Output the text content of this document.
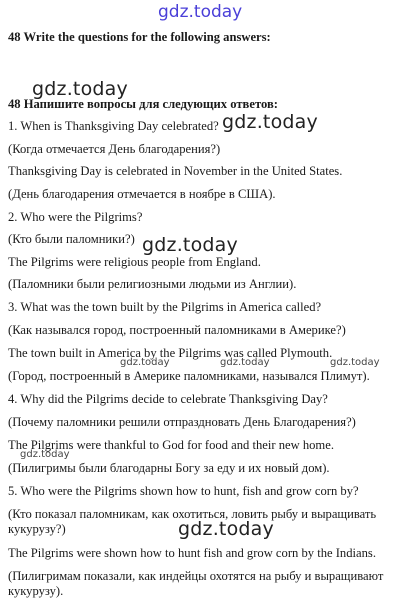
gdz.today
gdz.today
gdz.today
gdz.today
gdz.today	gdz.today	gdz.today
gdz.today
gdz.today
48 Write the questions for the following answers:
48 Напишите вопросы для следующих ответов:
1. When is Thanksgiving Day celebrated?
(Когда отмечается День благодарения?)
Thanksgiving Day is celebrated in November in the United States.
(День благодарения отмечается в ноябре в США).
2. Who were the Pilgrims?
(Кто были паломники?)
The Pilgrims were religious people from England.
(Паломники были религиозными людьми из Англии).
3. What was the town built by the Pilgrims in America called?
(Как назывался город, построенный паломниками в Америке?)
The town built in America by the Pilgrims was called Plymouth.
(Город, построенный в Америке паломниками, назывался Плимут).
4. Why did the Pilgrims decide to celebrate Thanksgiving Day?
(Почему паломники решили отпраздновать День Благодарения?)
The Pilgrims were thankful to God for food and their new home.
(Пилигримы были благодарны Богу за еду и их новый дом).
5. Who were the Pilgrims shown how to hunt, fish and grow corn by?
(Кто показал паломникам, как охотиться, ловить рыбу и выращивать кукурузу?)
The Pilgrims were shown how to hunt fish and grow corn by the Indians.
(Пилигримам показали, как индейцы охотятся на рыбу и выращивают кукурузу).
